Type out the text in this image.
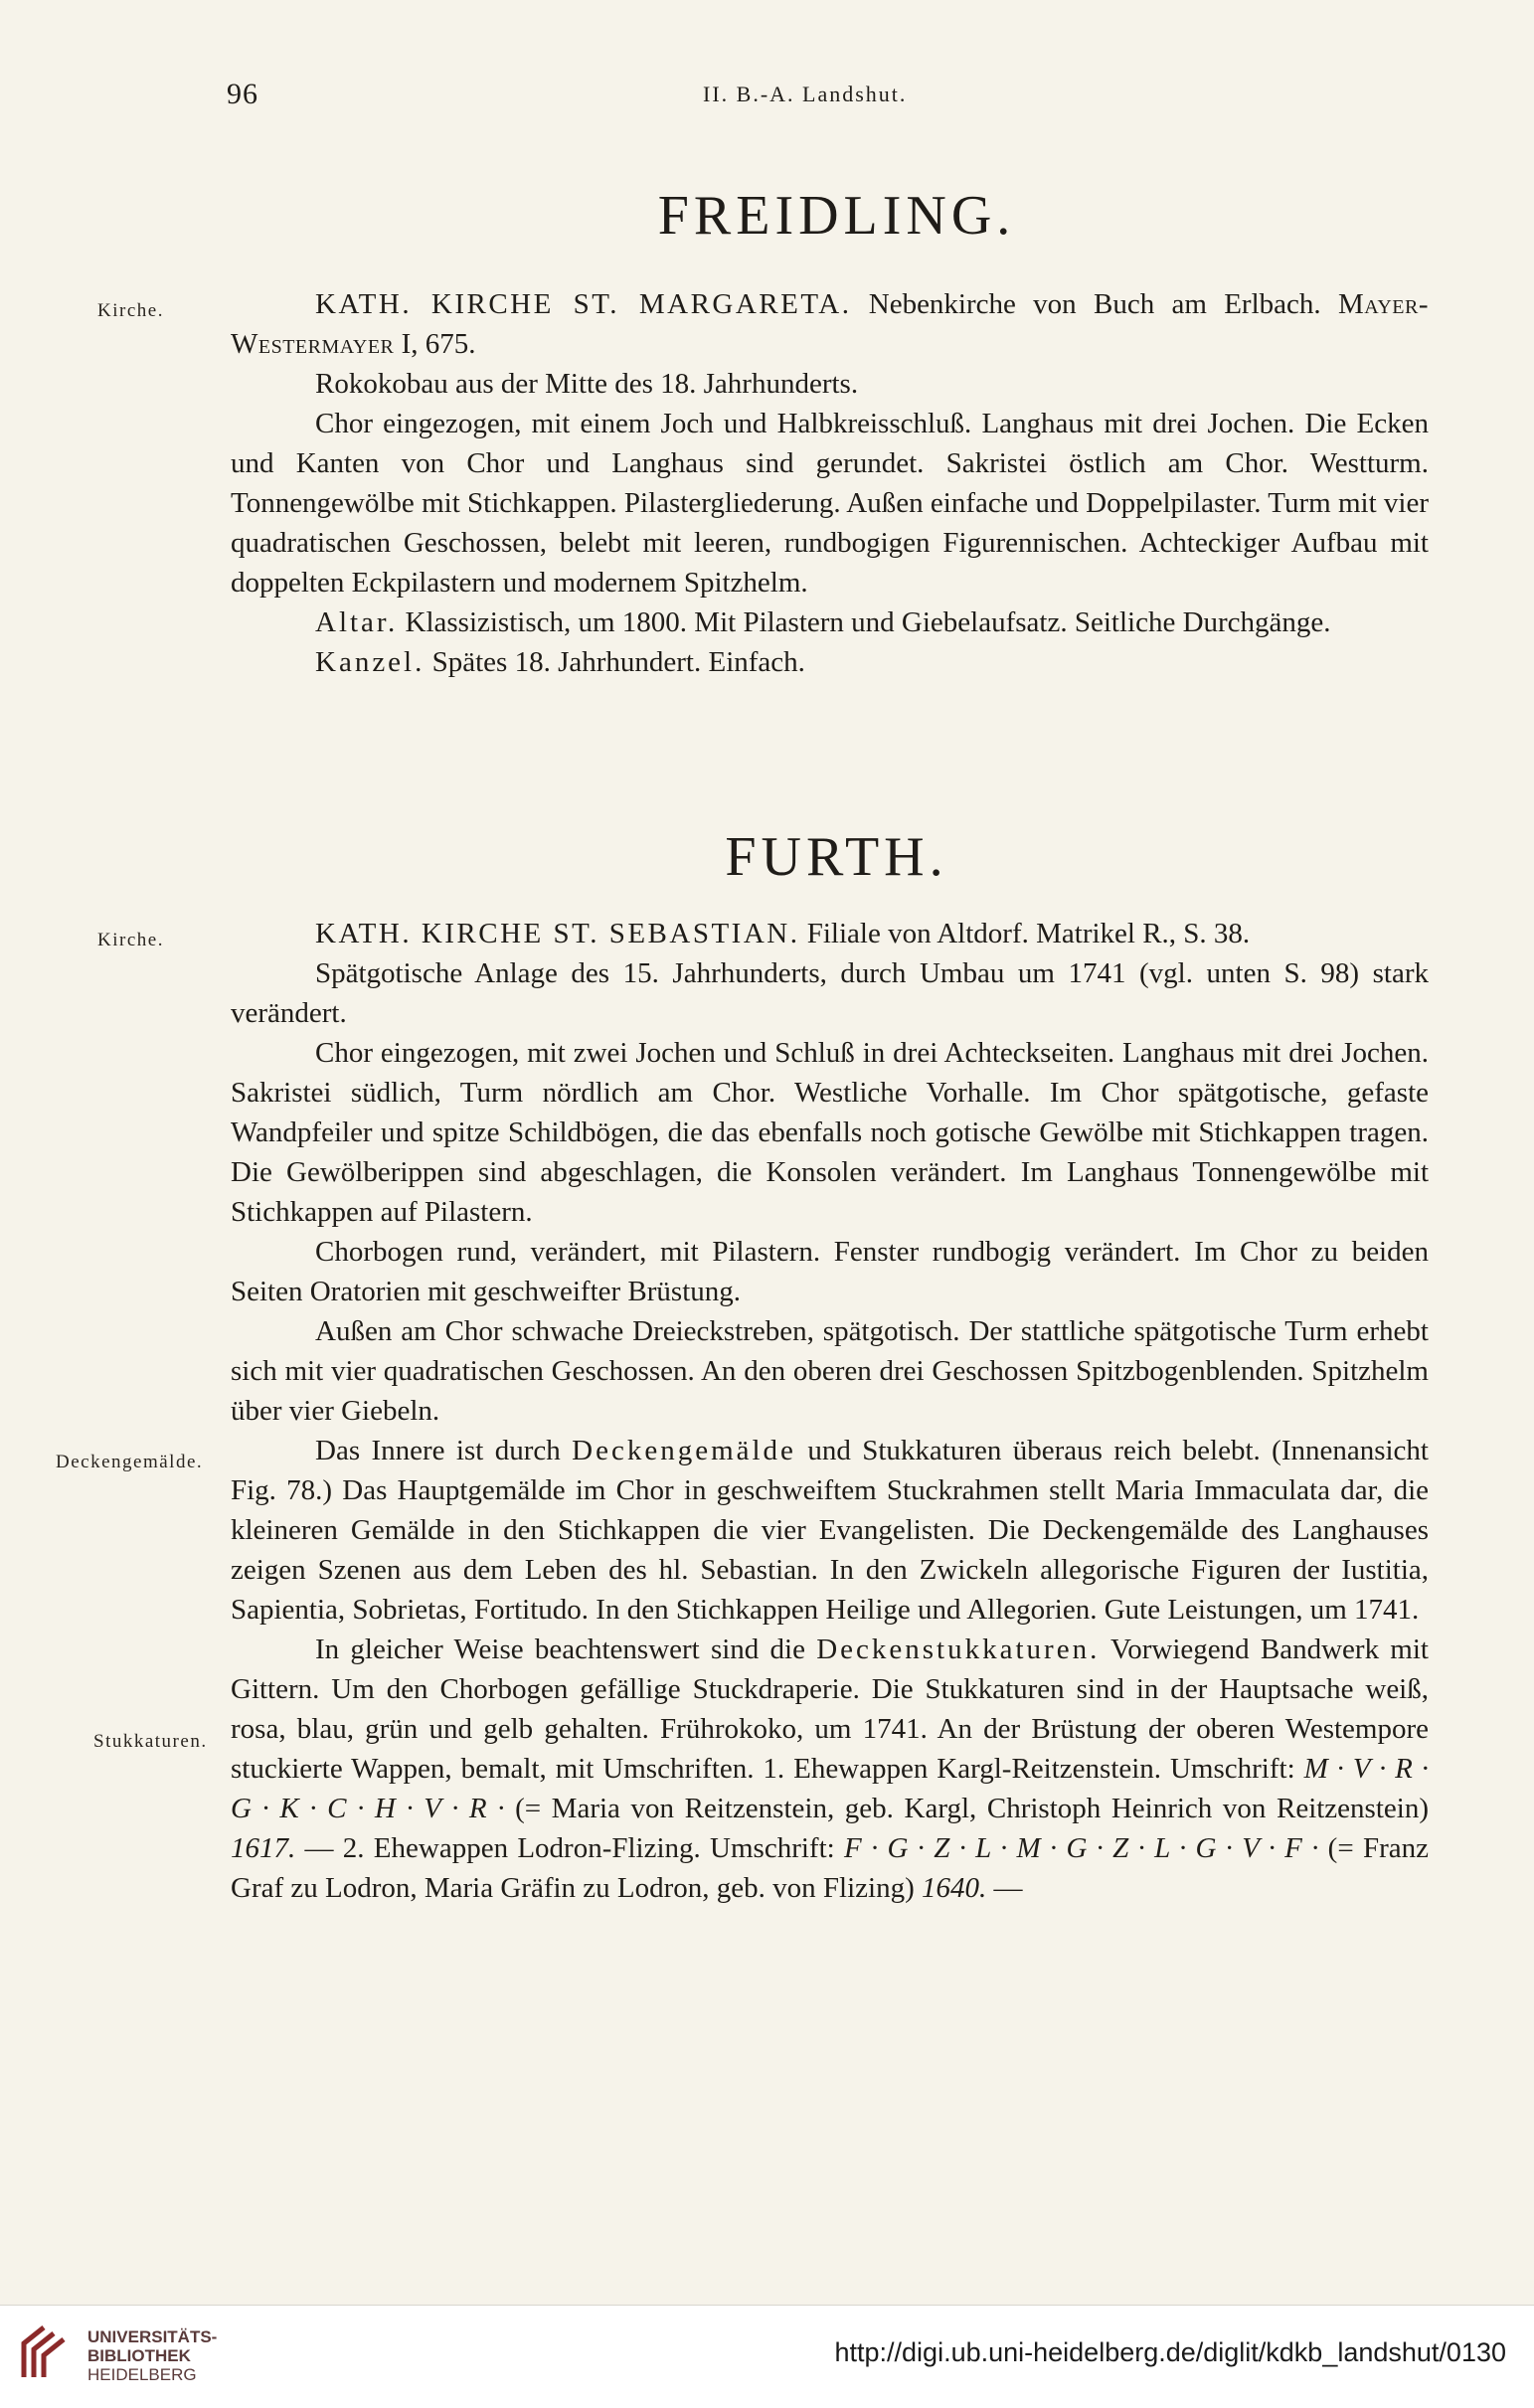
96	II. B.-A. Landshut.
FREIDLING.
Kirche.	KATH. KIRCHE ST. MARGARETA. Nebenkirche von Buch am Erlbach. Mayer-Westermayer I, 675.

Rokokobau aus der Mitte des 18. Jahrhunderts.

Chor eingezogen, mit einem Joch und Halbkreisschluß. Langhaus mit drei Jochen. Die Ecken und Kanten von Chor und Langhaus sind gerundet. Sakristei östlich am Chor. Westturm. Tonnengewölbe mit Stichkappen. Pilastergliederung. Außen einfache und Doppelpilaster. Turm mit vier quadratischen Geschossen, belebt mit leeren, rundbogigen Figurennischen. Achteckiger Aufbau mit doppelten Eckpilastern und modernem Spitzhelm.

Altar. Klassizistisch, um 1800. Mit Pilastern und Giebelaufsatz. Seitliche Durchgänge.

Kanzel. Spätes 18. Jahrhundert. Einfach.

FURTH.
Kirche.
Deckengemälde.
Stukkaturen.

KATH. KIRCHE ST. SEBASTIAN. Filiale von Altdorf. Matrikel R., S. 38.

Spätgotische Anlage des 15. Jahrhunderts, durch Umbau um 1741 (vgl. unten S. 98) stark verändert.

Chor eingezogen, mit zwei Jochen und Schluß in drei Achteckseiten. Langhaus mit drei Jochen. Sakristei südlich, Turm nördlich am Chor. Westliche Vorhalle. Im Chor spätgotische, gefaste Wandpfeiler und spitze Schildbögen, die das ebenfalls noch gotische Gewölbe mit Stichkappen tragen. Die Gewölberippen sind abgeschlagen, die Konsolen verändert. Im Langhaus Tonnengewölbe mit Stichkappen auf Pilastern.

Chorbogen rund, verändert, mit Pilastern. Fenster rundbogig verändert. Im Chor zu beiden Seiten Oratorien mit geschweifter Brüstung.

Außen am Chor schwache Dreieckstreben, spätgotisch. Der stattliche spätgotische Turm erhebt sich mit vier quadratischen Geschossen. An den oberen drei Geschossen Spitzbogenblenden. Spitzhelm über vier Giebeln.

Das Innere ist durch Deckengemälde und Stukkaturen überaus reich belebt. (Innenansicht Fig. 78.) Das Hauptgemälde im Chor in geschweiftem Stuckrahmen stellt Maria Immaculata dar, die kleineren Gemälde in den Stichkappen die vier Evangelisten. Die Deckengemälde des Langhauses zeigen Szenen aus dem Leben des hl. Sebastian. In den Zwickeln allegorische Figuren der Iustitia, Sapientia, Sobrietas, Fortitudo. In den Stichkappen Heilige und Allegorien. Gute Leistungen, um 1741.

In gleicher Weise beachtenswert sind die Deckenstukkaturen. Vorwiegend Bandwerk mit Gittern. Um den Chorbogen gefällige Stuckdraperie. Die Stukkaturen sind in der Hauptsache weiß, rosa, blau, grün und gelb gehalten. Frührokoko, um 1741. An der Brüstung der oberen Westempore stuckierte Wappen, bemalt, mit Umschriften. 1. Ehewappen Kargl-Reitzenstein. Umschrift: M · V · R · G · K · C · H · V · R · (= Maria von Reitzenstein, geb. Kargl, Christoph Heinrich von Reitzenstein) 1617. — 2. Ehewappen Lodron-Flizing. Umschrift: F · G · Z · L · M · G · Z · L · G · V · F · (= Franz Graf zu Lodron, Maria Gräfin zu Lodron, geb. von Flizing) 1640. —

UNIVERSITÄTS-
BIBLIOTHEK
HEIDELBERG
http://digi.ub.uni-heidelberg.de/diglit/kdkb_landshut/0130
